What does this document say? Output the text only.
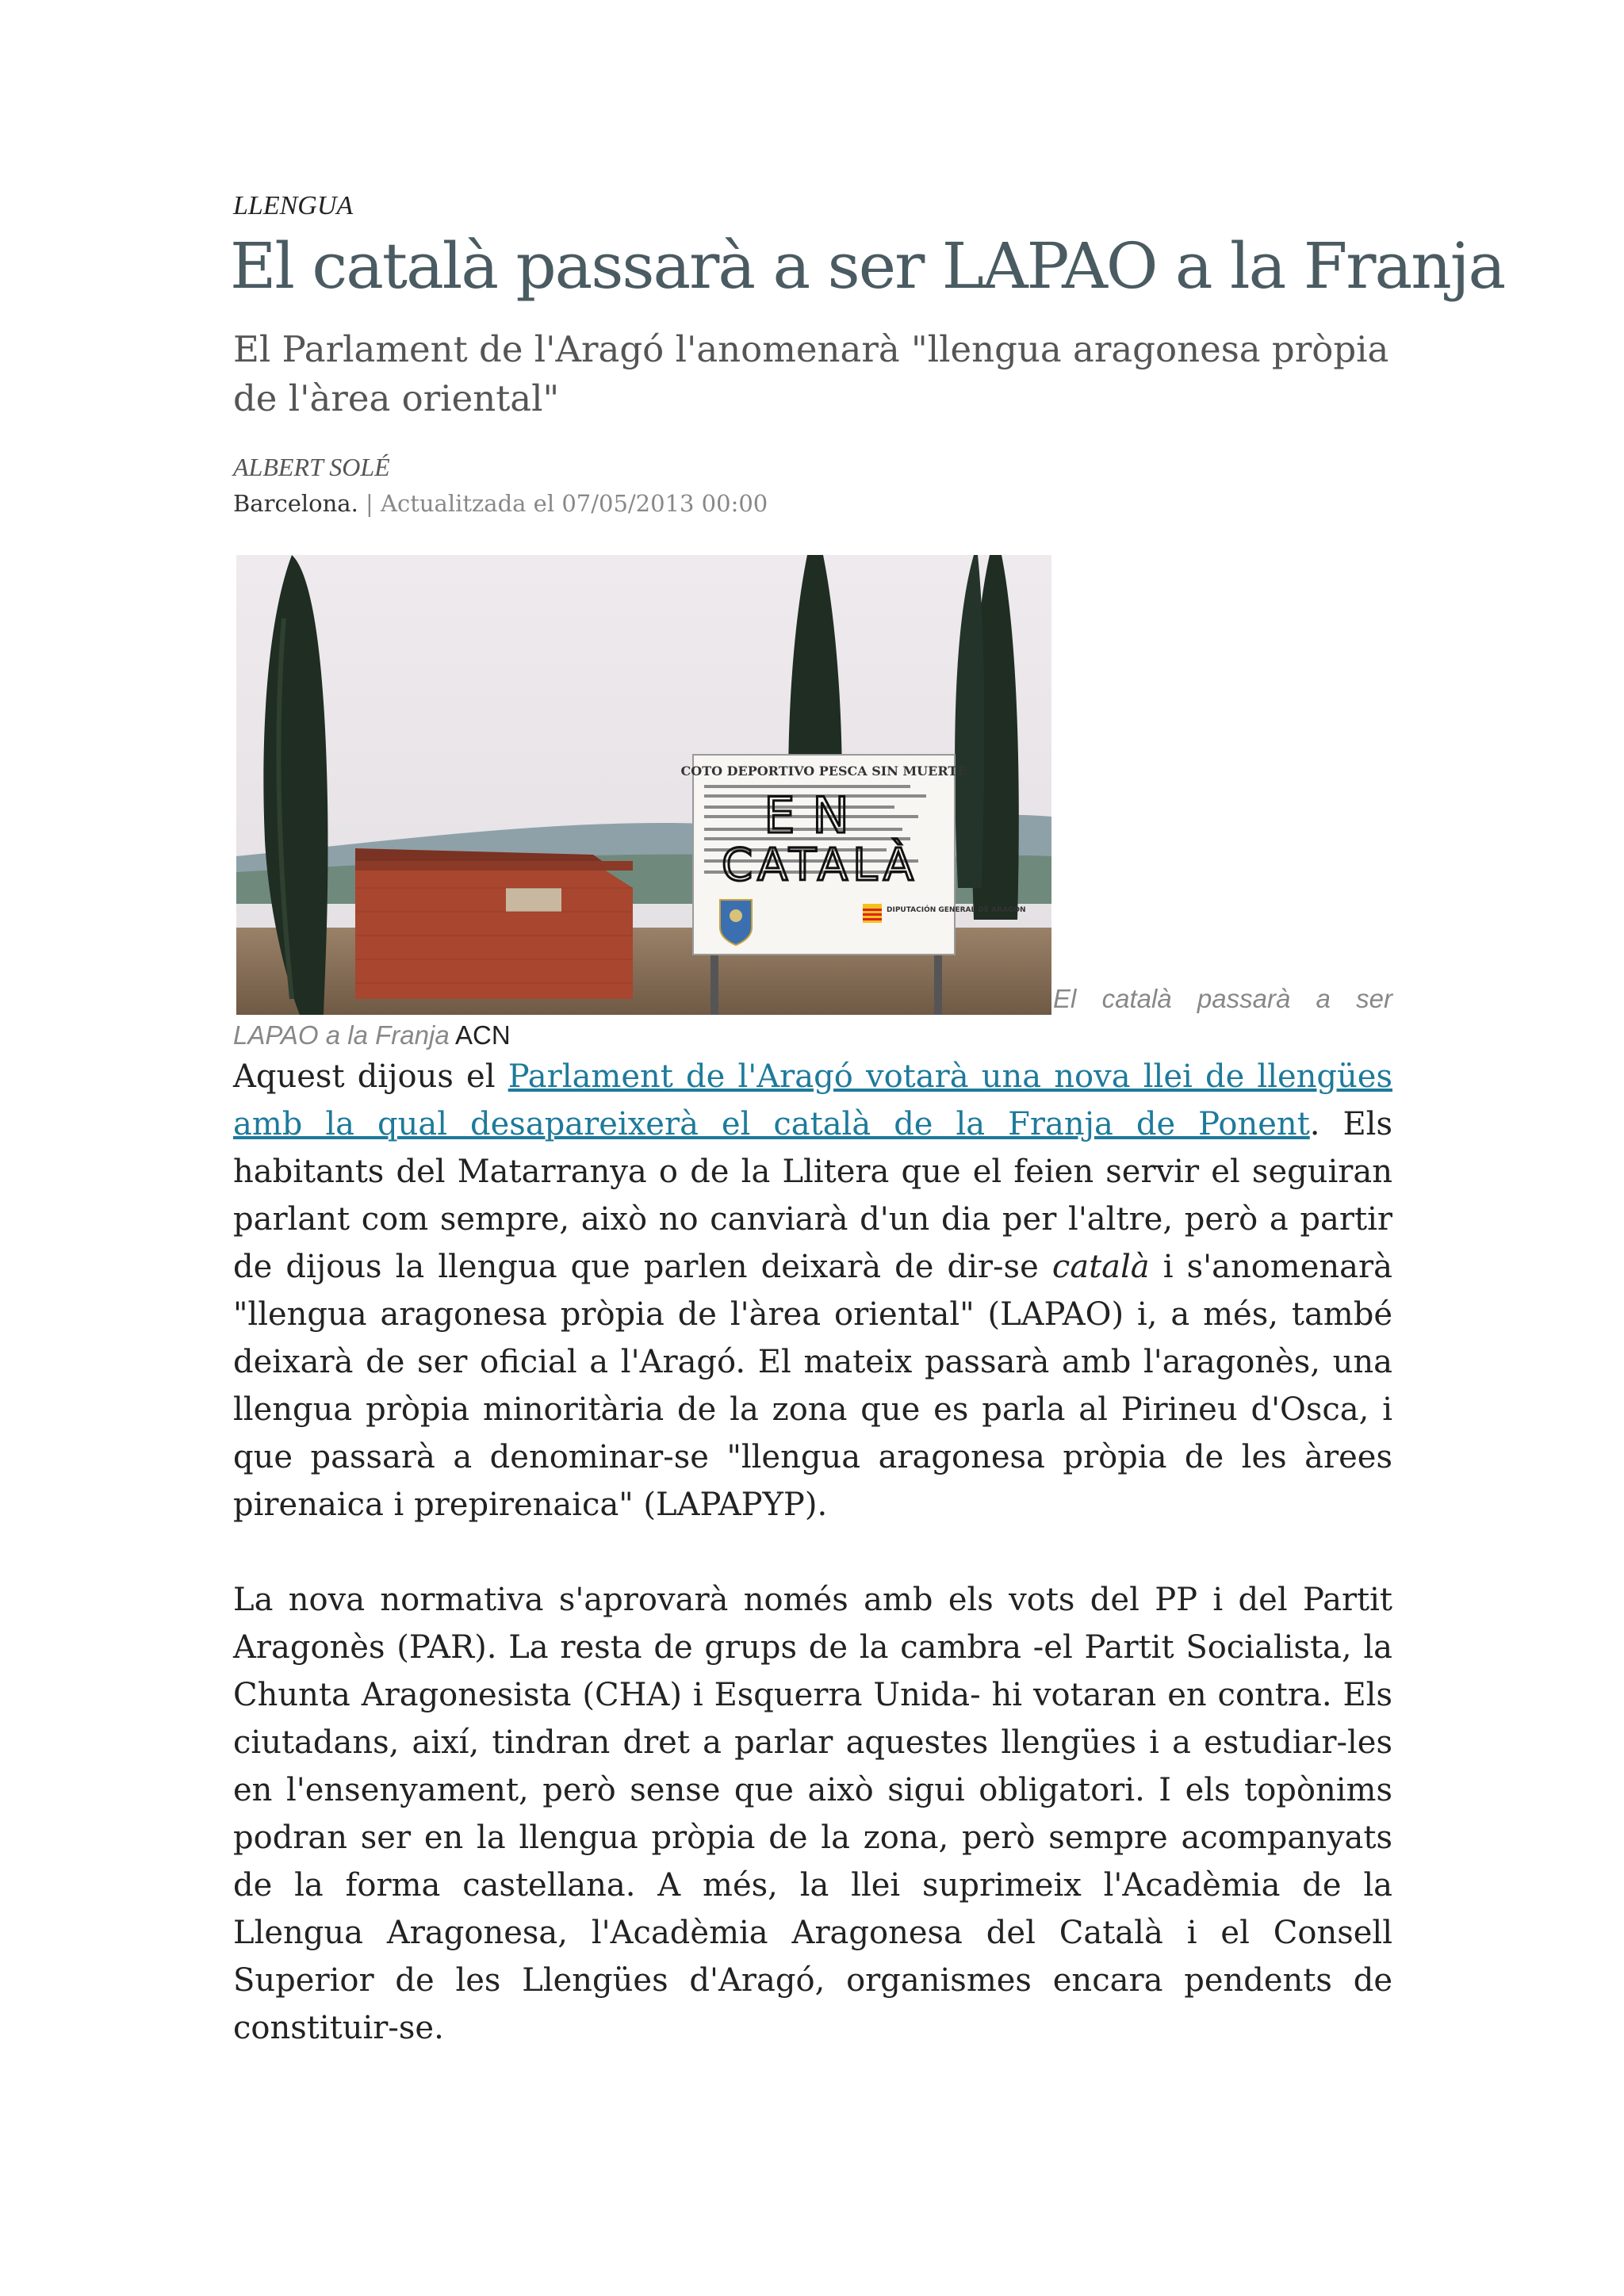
LLENGUA
El català passarà a ser LAPAO a la Franja
El Parlament de l'Aragó l'anomenarà "llengua aragonesa pròpia de l'àrea oriental"
ALBERT SOLÉ
Barcelona. | Actualitzada el 07/05/2013 00:00
COTO DEPORTIVO PESCA SIN MUERTE
EN
CATALÀ
DIPUTACIÓN GENERAL DE ARAGÓN
El català passarà a ser
LAPAO a la Franja ACN

Aquest dijous el Parlament de l'Aragó votarà una nova llei de llengües amb la qual desapareixerà el català de la Franja de Ponent. Els habitants del Matarranya o de la Llitera que el feien servir el seguiran parlant com sempre, això no canviarà d'un dia per l'altre, però a partir de dijous la llengua que parlen deixarà de dir-se català i s'anomenarà "llengua aragonesa pròpia de l'àrea oriental" (LAPAO) i, a més, també deixarà de ser oficial a l'Aragó. El mateix passarà amb l'aragonès, una llengua pròpia minoritària de la zona que es parla al Pirineu d'Osca, i que passarà a denominar-se "llengua aragonesa pròpia de les àrees pirenaica i prepirenaica" (LAPAPYP).

La nova normativa s'aprovarà només amb els vots del PP i del Partit Aragonès (PAR). La resta de grups de la cambra -el Partit Socialista, la Chunta Aragonesista (CHA) i Esquerra Unida- hi votaran en contra. Els ciutadans, així, tindran dret a parlar aquestes llengües i a estudiar-les en l'ensenyament, però sense que això sigui obligatori. I els topònims podran ser en la llengua pròpia de la zona, però sempre acompanyats de la forma castellana. A més, la llei suprimeix l'Acadèmia de la Llengua Aragonesa, l'Acadèmia Aragonesa del Català i el Consell Superior de les Llengües d'Aragó, organismes encara pendents de constituir-se.
